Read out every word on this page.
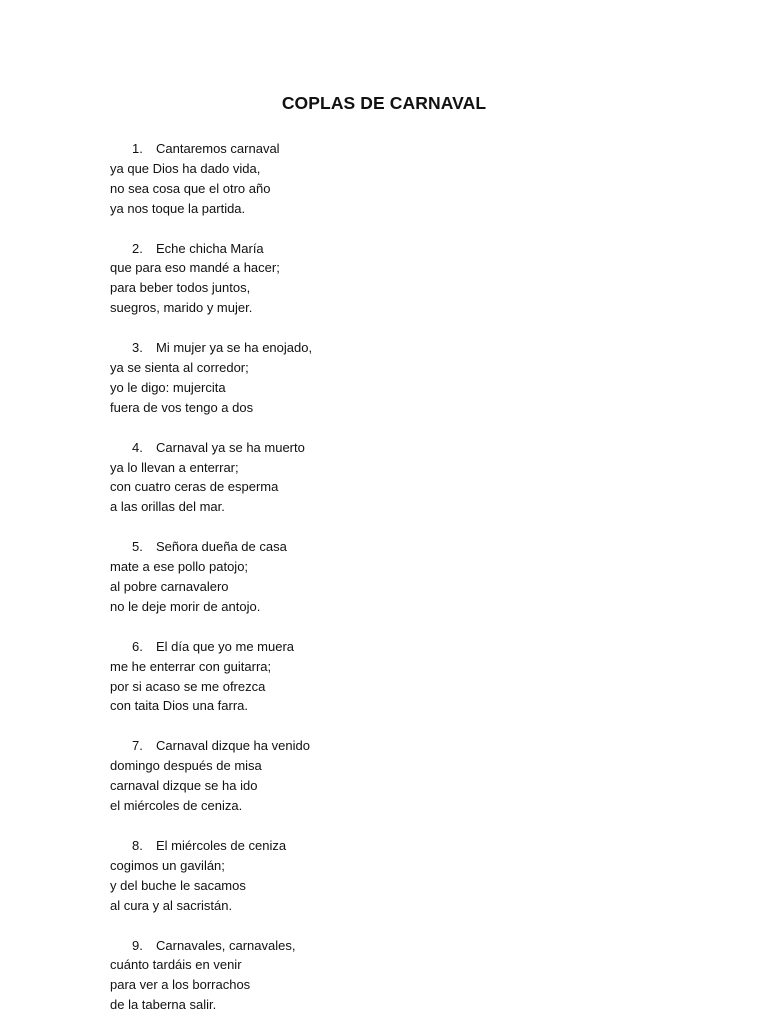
COPLAS DE CARNAVAL
1. Cantaremos carnaval
ya que Dios ha dado vida,
no sea cosa que el otro año
ya nos toque la partida.
2. Eche chicha María
que para eso mandé a hacer;
para beber todos juntos,
suegros, marido y mujer.
3. Mi mujer ya se ha enojado,
ya se sienta al corredor;
yo le digo: mujercita
fuera de vos tengo a dos
4. Carnaval ya se ha muerto
ya lo llevan a enterrar;
con cuatro ceras de esperma
a las orillas del mar.
5. Señora dueña de casa
mate a ese pollo patojo;
al pobre carnavalero
no le deje morir de antojo.
6. El día que yo me muera
me he enterrar con guitarra;
por si acaso se me ofrezca
con taita Dios una farra.
7. Carnaval dizque ha venido
domingo después de misa
carnaval dizque se ha ido
el miércoles de ceniza.
8. El miércoles de ceniza
cogimos un gavilán;
y del buche le sacamos
al cura y al sacristán.
9. Carnavales, carnavales,
cuánto tardáis en venir
para ver a los borrachos
de la taberna salir.
